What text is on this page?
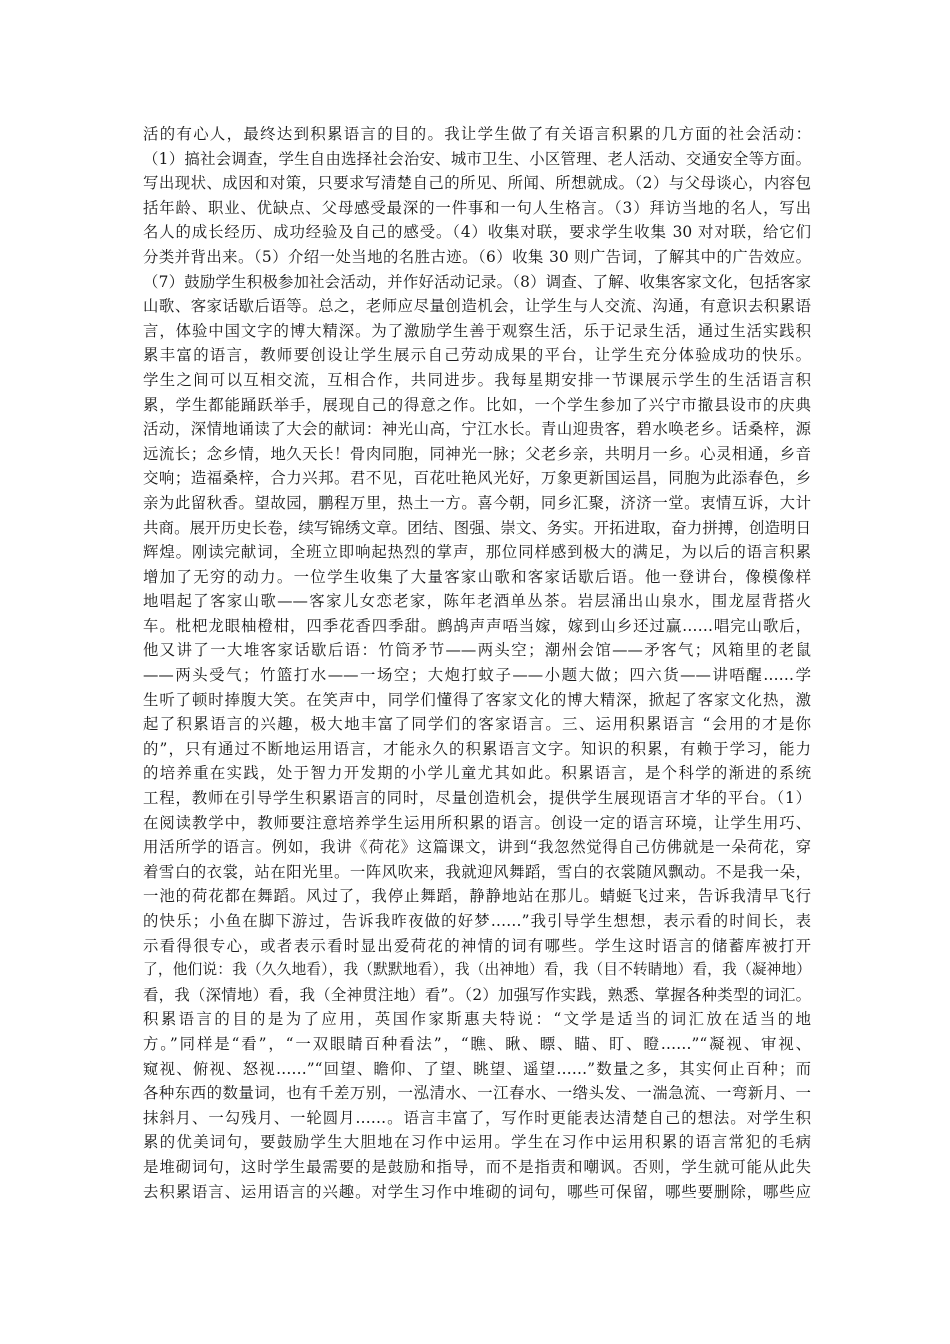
活的有心人，最终达到积累语言的目的。我让学生做了有关语言积累的几方面的社会活动：
（1）搞社会调查，学生自由选择社会治安、城市卫生、小区管理、老人活动、交通安全等方面。
写出现状、成因和对策，只要求写清楚自己的所见、所闻、所想就成。（2）与父母谈心，内容包
括年龄、职业、优缺点、父母感受最深的一件事和一句人生格言。（3）拜访当地的名人，写出
名人的成长经历、成功经验及自己的感受。（4）收集对联，要求学生收集 30 对对联，给它们
分类并背出来。（5）介绍一处当地的名胜古迹。（6）收集 30 则广告词，了解其中的广告效应。
（7）鼓励学生积极参加社会活动，并作好活动记录。（8）调查、了解、收集客家文化，包括客家
山歌、客家话歇后语等。总之，老师应尽量创造机会，让学生与人交流、沟通，有意识去积累语
言，体验中国文字的博大精深。为了激励学生善于观察生活，乐于记录生活，通过生活实践积
累丰富的语言，教师要创设让学生展示自己劳动成果的平台，让学生充分体验成功的快乐。
学生之间可以互相交流，互相合作，共同进步。我每星期安排一节课展示学生的生活语言积
累，学生都能踊跃举手，展现自己的得意之作。比如，一个学生参加了兴宁市撤县设市的庆典
活动，深情地诵读了大会的献词：神光山高，宁江水长。青山迎贵客，碧水唤老乡。话桑梓，源
远流长；念乡情，地久天长！骨肉同胞，同神光一脉；父老乡亲，共明月一乡。心灵相通，乡音
交响；造福桑梓，合力兴邦。君不见，百花吐艳风光好，万象更新国运昌，同胞为此添春色，乡
亲为此留秋香。望故园，鹏程万里，热土一方。喜今朝，同乡汇聚，济济一堂。衷情互诉，大计
共商。展开历史长卷，续写锦绣文章。团结、图强、崇文、务实。开拓进取，奋力拼搏，创造明日
辉煌。刚读完献词，全班立即响起热烈的掌声，那位同样感到极大的满足，为以后的语言积累
增加了无穷的动力。一位学生收集了大量客家山歌和客家话歇后语。他一登讲台，像模像样
地唱起了客家山歌——客家儿女恋老家，陈年老酒单丛茶。岩层涌出山泉水，围龙屋背搭火
车。枇杷龙眼柚橙柑，四季花香四季甜。鹧鸪声声唔当嫁，嫁到山乡还过赢……唱完山歌后，
他又讲了一大堆客家话歇后语：竹筒矛节——两头空；潮州会馆——矛客气；风箱里的老鼠
——两头受气；竹篮打水——一场空；大炮打蚊子——小题大做；四六货——讲唔醒……学
生听了顿时捧腹大笑。在笑声中，同学们懂得了客家文化的博大精深，掀起了客家文化热，激
起了积累语言的兴趣，极大地丰富了同学们的客家语言。三、运用积累语言 “会用的才是你
的”，只有通过不断地运用语言，才能永久的积累语言文字。知识的积累，有赖于学习，能力
的培养重在实践，处于智力开发期的小学儿童尤其如此。积累语言，是个科学的渐进的系统
工程，教师在引导学生积累语言的同时，尽量创造机会，提供学生展现语言才华的平台。（1）
在阅读教学中，教师要注意培养学生运用所积累的语言。创设一定的语言环境，让学生用巧、
用活所学的语言。例如，我讲《荷花》这篇课文，讲到“我忽然觉得自己仿佛就是一朵荷花，穿
着雪白的衣裳，站在阳光里。一阵风吹来，我就迎风舞蹈，雪白的衣裳随风飘动。不是我一朵，
一池的荷花都在舞蹈。风过了，我停止舞蹈，静静地站在那儿。蜻蜓飞过来，告诉我清早飞行
的快乐；小鱼在脚下游过，告诉我昨夜做的好梦……”我引导学生想想，表示看的时间长，表
示看得很专心，或者表示看时显出爱荷花的神情的词有哪些。学生这时语言的储蓄库被打开
了，他们说：我（久久地看），我（默默地看），我（出神地）看，我（目不转睛地）看，我（凝神地）
看，我（深情地）看，我（全神贯注地）看”。（2）加强写作实践，熟悉、掌握各种类型的词汇。
积累语言的目的是为了应用，英国作家斯惠夫特说：“文学是适当的词汇放在适当的地
方。”同样是“看”，“一双眼睛百种看法”，“瞧、瞅、瞟、瞄、盯、瞪……”“凝视、审视、
窥视、俯视、怒视……”“回望、瞻仰、了望、眺望、遥望……”数量之多，其实何止百种；而
各种东西的数量词，也有千差万别，一泓清水、一江春水、一绺头发、一湍急流、一弯新月、一
抹斜月、一勾残月、一轮圆月……。语言丰富了，写作时更能表达清楚自己的想法。对学生积
累的优美词句，要鼓励学生大胆地在习作中运用。学生在习作中运用积累的语言常犯的毛病
是堆砌词句，这时学生最需要的是鼓励和指导，而不是指责和嘲讽。否则，学生就可能从此失
去积累语言、运用语言的兴趣。对学生习作中堆砌的词句，哪些可保留，哪些要删除，哪些应
